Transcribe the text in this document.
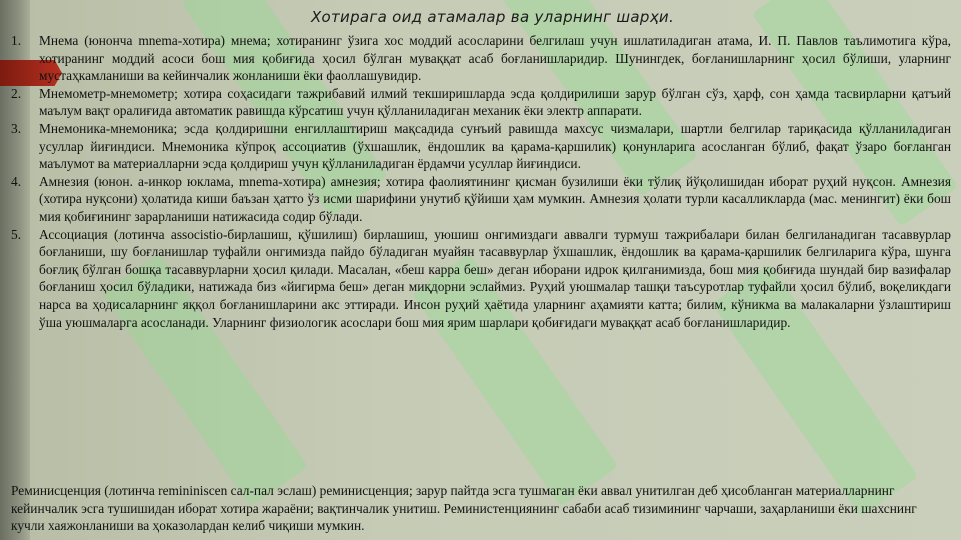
Хотирага оид атамалар ва уларнинг шарҳи.
1.	Мнема (юнонча mnema-хотира) мнема; хотиранинг ўзига хос моддий асосларини белгилаш учун ишлатиладиган атама, И. П. Павлов таълимотига кўра, хотиранинг моддий асоси бош мия қобиғида ҳосил бўлган муваққат асаб боғланишларидир. Шунингдек, боғланишларнинг ҳосил бўлиши, уларнинг мустаҳкамланиши ва кейинчалик жонланиши ёки фаоллашувидир.
2.	Мнемометр-мнемометр; хотира соҳасидаги тажрибавий илмий текширишларда эсда қолдирилиши зарур бўлган сўз, ҳарф, сон ҳамда тасвирларни қатъий маълум вақт оралиғида автоматик равишда кўрсатиш учун қўлланиладиган механик ёки электр аппарати.
3.	Мнемоника-мнемоника; эсда қолдиришни енгиллаштириш мақсадида сунъий равишда махсус чизмалари, шартли белгилар тариқасида қўлланиладиган усуллар йиғиндиси. Мнемоника кўпроқ ассоциатив (ўхшашлик, ёндошлик ва қарама-қаршилик) қонунларига асосланган бўлиб, фақат ўзаро боғланган маълумот ва материалларни эсда қолдириш учун қўлланиладиган ёрдамчи усуллар йиғиндиси.
4.	Амнезия (юнон. а-инкор юклама, mnema-хотира) амнезия; хотира фаолиятининг қисман бузилиши ёки тўлиқ йўқолишидан иборат руҳий нуқсон. Амнезия (хотира нуқсони) ҳолатида киши баъзан ҳатто ўз исми шарифини унутиб қўйиши ҳам мумкин. Амнезия ҳолати турли касалликларда (мас. менингит) ёки бош мия қобиғининг зарарланиши натижасида содир бўлади.
5.	Ассоциация (лотинча associstio-бирлашиш, қўшилиш) бирлашиш, уюшиш онгимиздаги аввалги турмуш тажрибалари билан белгиланадиган тасаввурлар боғланиши, шу боғланишлар туфайли онгимизда пайдо бўладиган муайян тасаввурлар ўхшашлик, ёндошлик ва қарама-қаршилик белгиларига кўра, шунга боғлиқ бўлган бошқа тасаввурларни ҳосил қилади. Масалан, «беш карра беш» деган иборани идрок қилганимизда, бош мия қобиғида шундай бир вазифалар боғланиш ҳосил бўладики, натижада биз «йигирма беш» деган миқдорни эслаймиз. Руҳий уюшмалар ташқи таъсуротлар туфайли ҳосил бўлиб, воқеликдаги нарса ва ҳодисаларнинг яққол боғланишларини акс эттиради. Инсон руҳий ҳаётида уларнинг аҳамияти катта; билим, кўникма ва малакаларни ўзлаштириш ўша уюшмаларга асосланади. Уларнинг физиологик асослари бош мия ярим шарлари қобиғидаги муваққат асаб боғланишларидир.
Реминисценция (лотинча remininiscen сал-пал эслаш) реминисценция; зарур пайтда эсга тушмаган ёки аввал унитилган деб ҳисобланган материалларнинг кейинчалик эсга тушишидан иборат хотира жараёни; вақтинчалик унитиш. Реминистенциянинг сабаби асаб тизимининг чарчаши, заҳарланиши ёки шахснинг кучли хаяжонланиши ва ҳоказолардан келиб чиқиши мумкин.
